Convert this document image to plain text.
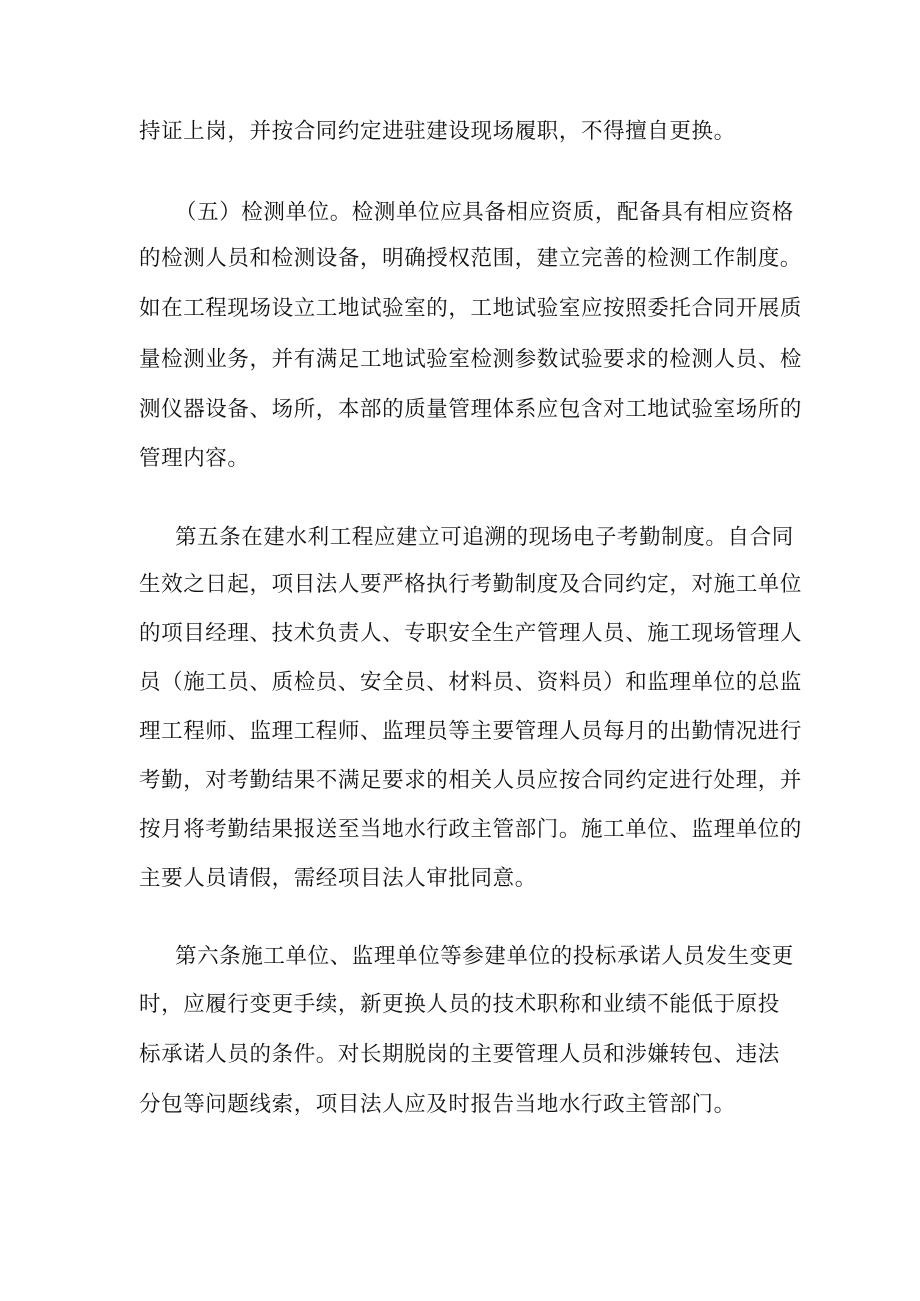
持证上岗，并按合同约定进驻建设现场履职，不得擅自更换。
（五）检测单位。检测单位应具备相应资质，配备具有相应资格
的检测人员和检测设备，明确授权范围，建立完善的检测工作制度。
如在工程现场设立工地试验室的，工地试验室应按照委托合同开展质
量检测业务，并有满足工地试验室检测参数试验要求的检测人员、检
测仪器设备、场所，本部的质量管理体系应包含对工地试验室场所的
管理内容。
第五条在建水利工程应建立可追溯的现场电子考勤制度。自合同
生效之日起，项目法人要严格执行考勤制度及合同约定，对施工单位
的项目经理、技术负责人、专职安全生产管理人员、施工现场管理人
员（施工员、质检员、安全员、材料员、资料员）和监理单位的总监
理工程师、监理工程师、监理员等主要管理人员每月的出勤情况进行
考勤，对考勤结果不满足要求的相关人员应按合同约定进行处理，并
按月将考勤结果报送至当地水行政主管部门。施工单位、监理单位的
主要人员请假，需经项目法人审批同意。
第六条施工单位、监理单位等参建单位的投标承诺人员发生变更
时，应履行变更手续，新更换人员的技术职称和业绩不能低于原投
标承诺人员的条件。对长期脱岗的主要管理人员和涉嫌转包、违法
分包等问题线索，项目法人应及时报告当地水行政主管部门。
